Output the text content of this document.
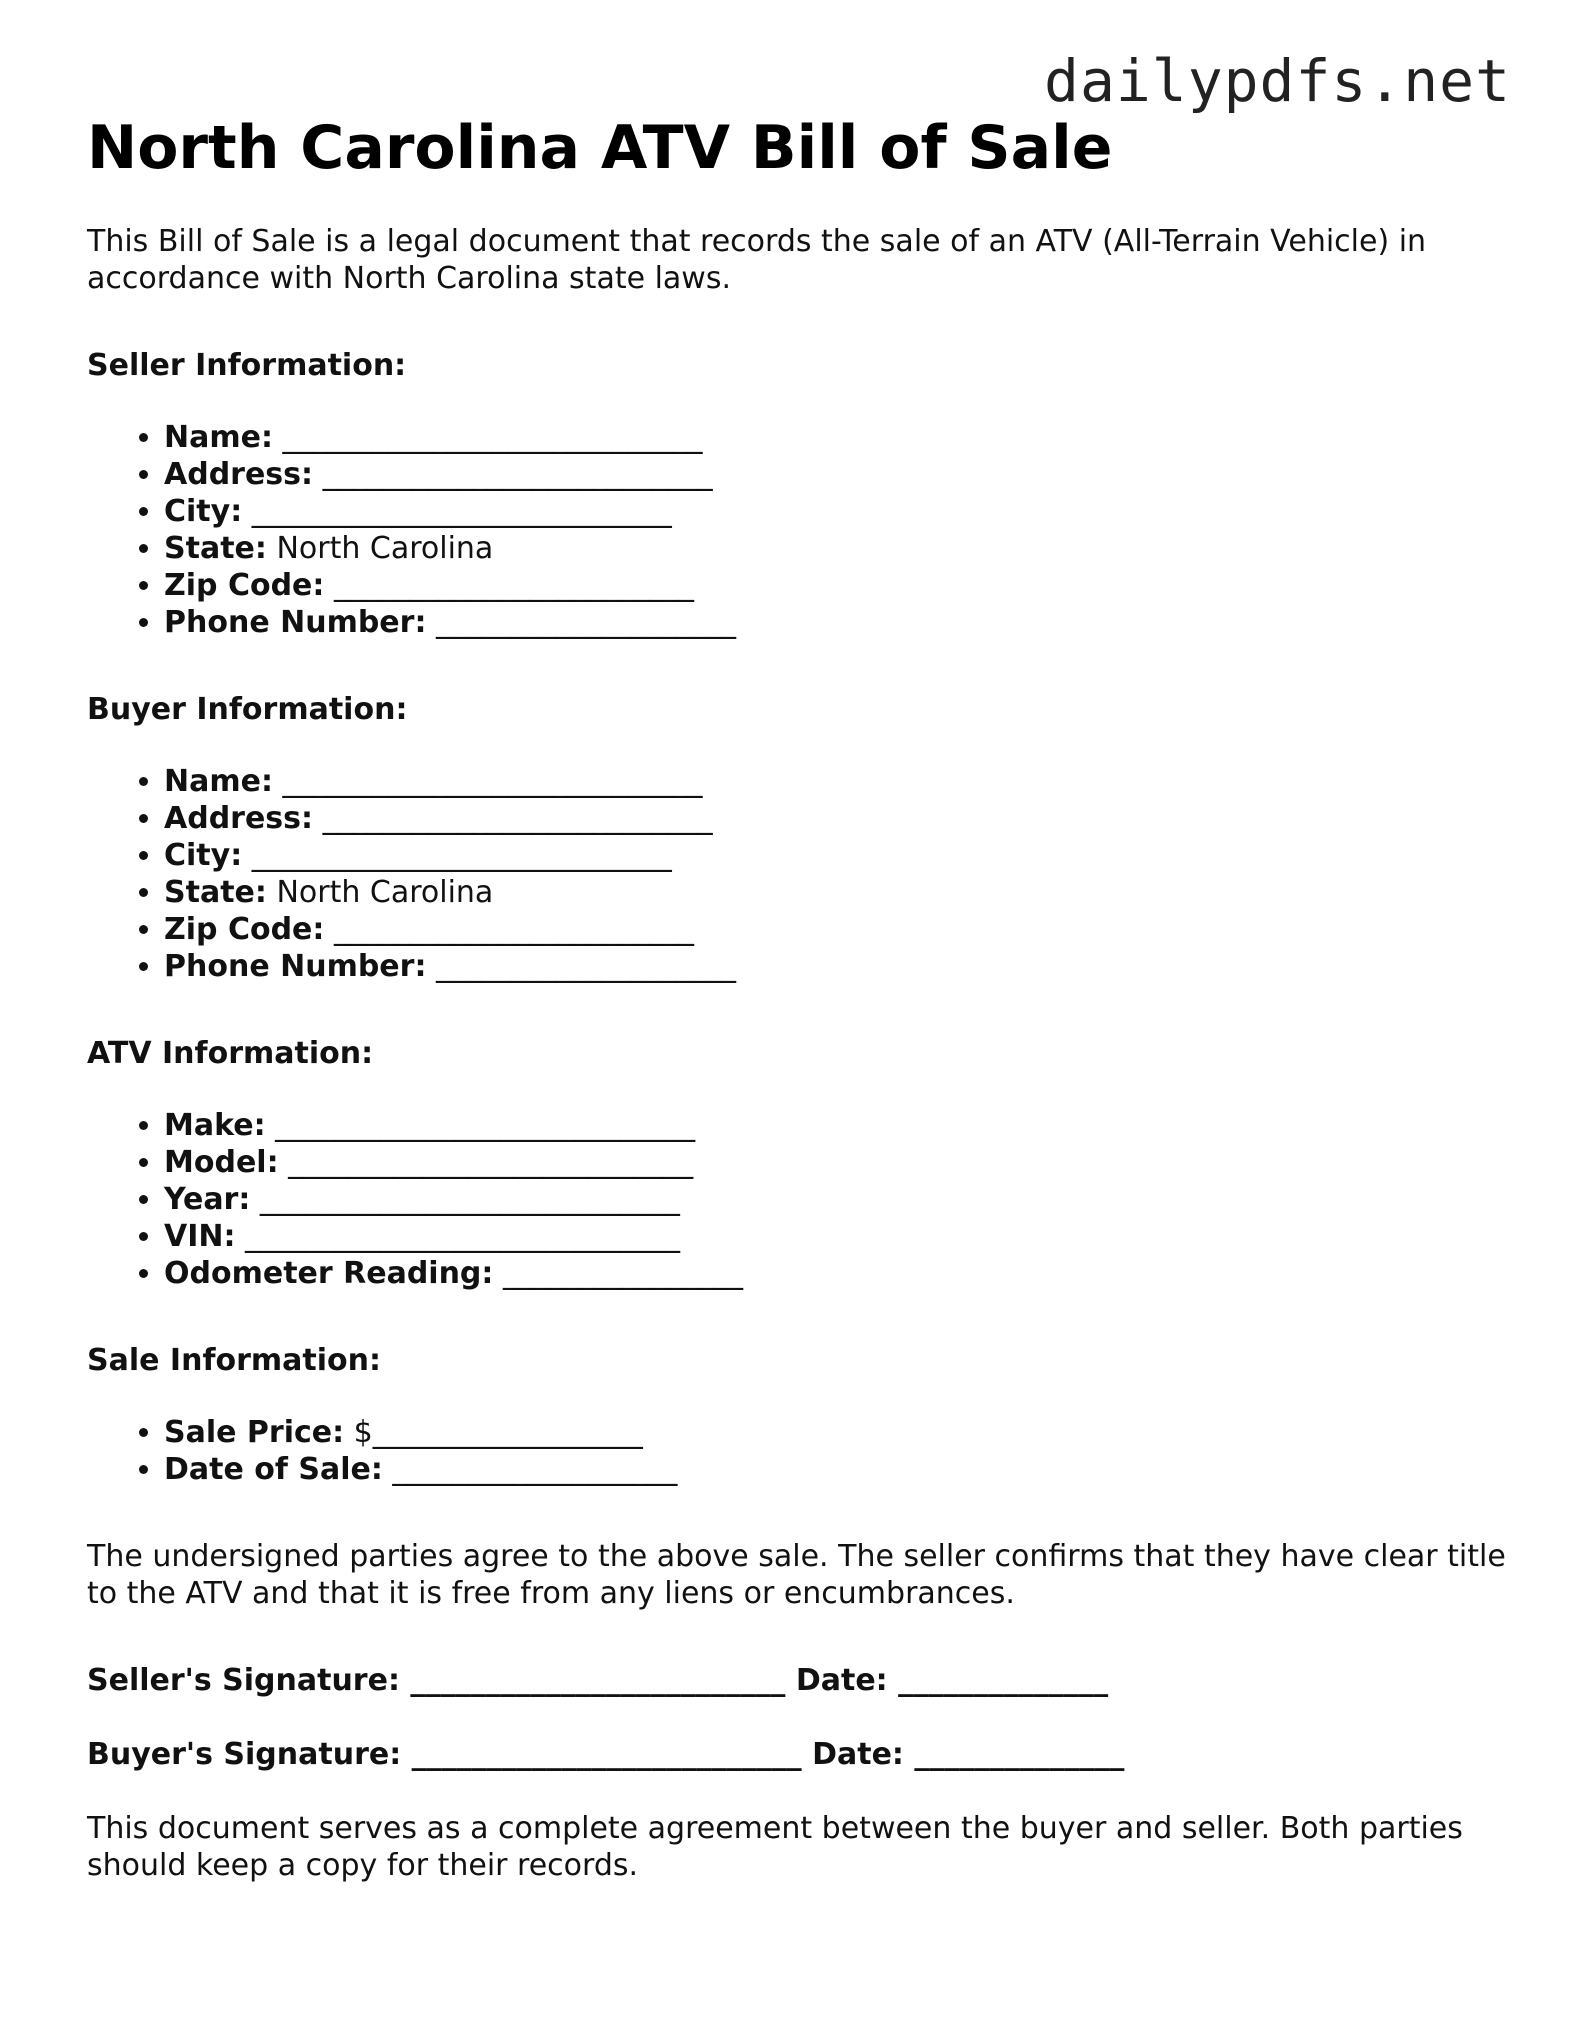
dailypdfs.net
North Carolina ATV Bill of Sale

This Bill of Sale is a legal document that records the sale of an ATV (All-Terrain Vehicle) in accordance with North Carolina state laws.

Seller Information:

• Name: ____________________________
• Address: __________________________
• City: ____________________________
• State: North Carolina
• Zip Code: ________________________
• Phone Number: ____________________

Buyer Information:

• Name: ____________________________
• Address: __________________________
• City: ____________________________
• State: North Carolina
• Zip Code: ________________________
• Phone Number: ____________________

ATV Information:

• Make: ____________________________
• Model: ___________________________
• Year: ____________________________
• VIN: _____________________________
• Odometer Reading: ________________

Sale Information:

• Sale Price: $__________________
• Date of Sale: ___________________

The undersigned parties agree to the above sale. The seller confirms that they have clear title to the ATV and that it is free from any liens or encumbrances.

Seller's Signature: _________________________ Date: ______________

Buyer's Signature: __________________________ Date: ______________

This document serves as a complete agreement between the buyer and seller. Both parties should keep a copy for their records.
